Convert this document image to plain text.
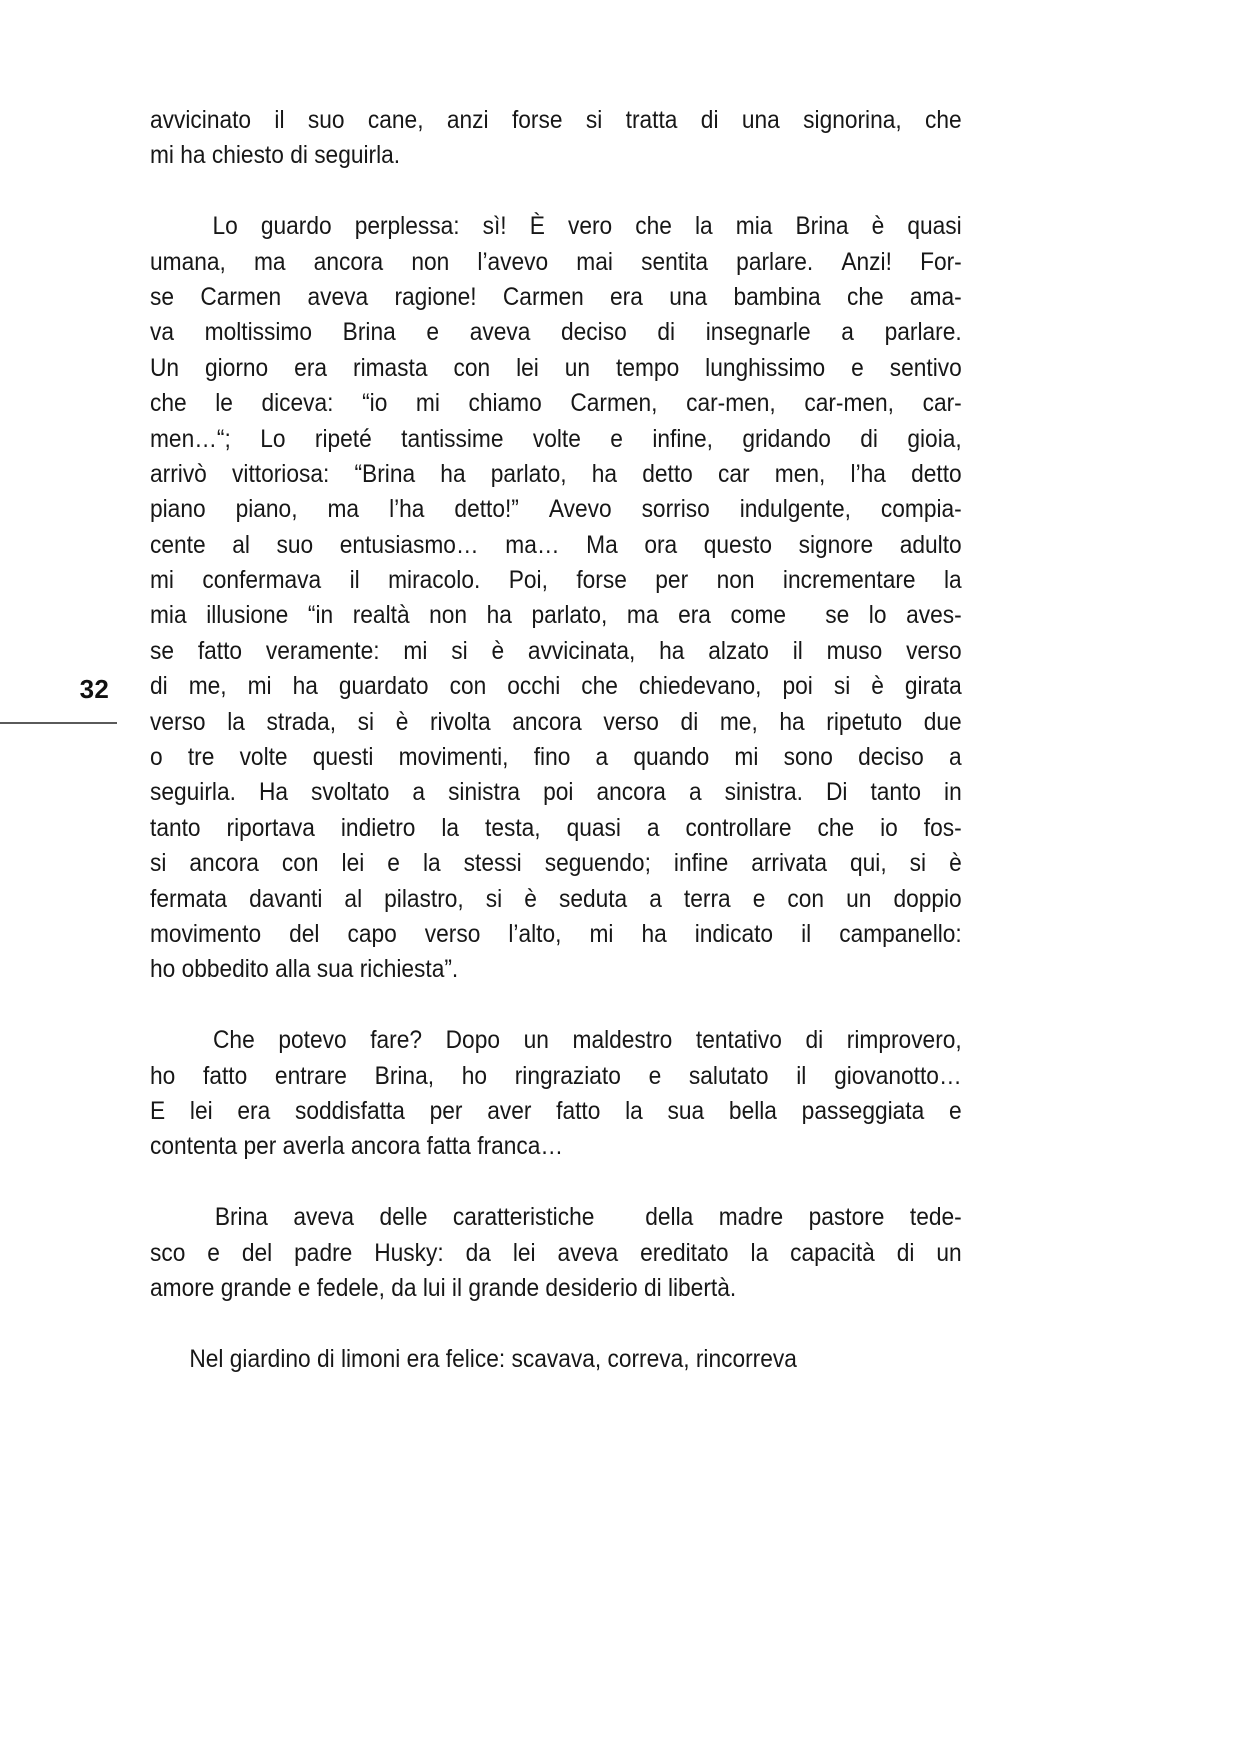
32

avvicinato il suo cane, anzi forse si tratta di una signorina, che
mi ha chiesto di seguirla.

Lo guardo perplessa: sì! È vero che la mia Brina è quasi
umana, ma ancora non l’avevo mai sentita parlare. Anzi! For-
se Carmen aveva ragione! Carmen era una bambina che ama-
va moltissimo Brina e aveva deciso di insegnarle a parlare.
Un giorno era rimasta con lei un tempo lunghissimo e sentivo
che le diceva: “io mi chiamo Carmen, car-men, car-men, car-
men…“; Lo ripeté tantissime volte e infine, gridando di gioia,
arrivò vittoriosa: “Brina ha parlato, ha detto car men, l’ha detto
piano piano, ma l’ha detto!” Avevo sorriso indulgente, compia-
cente al suo entusiasmo… ma… Ma ora questo signore adulto
mi confermava il miracolo. Poi, forse per non incrementare la
mia illusione “in realtà non ha parlato, ma era come se lo aves-
se fatto veramente: mi si è avvicinata, ha alzato il muso verso
di me, mi ha guardato con occhi che chiedevano, poi si è girata
verso la strada, si è rivolta ancora verso di me, ha ripetuto due
o tre volte questi movimenti, fino a quando mi sono deciso a
seguirla. Ha svoltato a sinistra poi ancora a sinistra. Di tanto in
tanto riportava indietro la testa, quasi a controllare che io fos-
si ancora con lei e la stessi seguendo; infine arrivata qui, si è
fermata davanti al pilastro, si è seduta a terra e con un doppio
movimento del capo verso l’alto, mi ha indicato il campanello:
ho obbedito alla sua richiesta”.

Che potevo fare? Dopo un maldestro tentativo di rimprovero,
ho fatto entrare Brina, ho ringraziato e salutato il giovanotto…
E lei era soddisfatta per aver fatto la sua bella passeggiata e
contenta per averla ancora fatta franca…

Brina aveva delle caratteristiche della madre pastore tede-
sco e del padre Husky: da lei aveva ereditato la capacità di un
amore grande e fedele, da lui il grande desiderio di libertà.

Nel giardino di limoni era felice: scavava, correva, rincorreva
